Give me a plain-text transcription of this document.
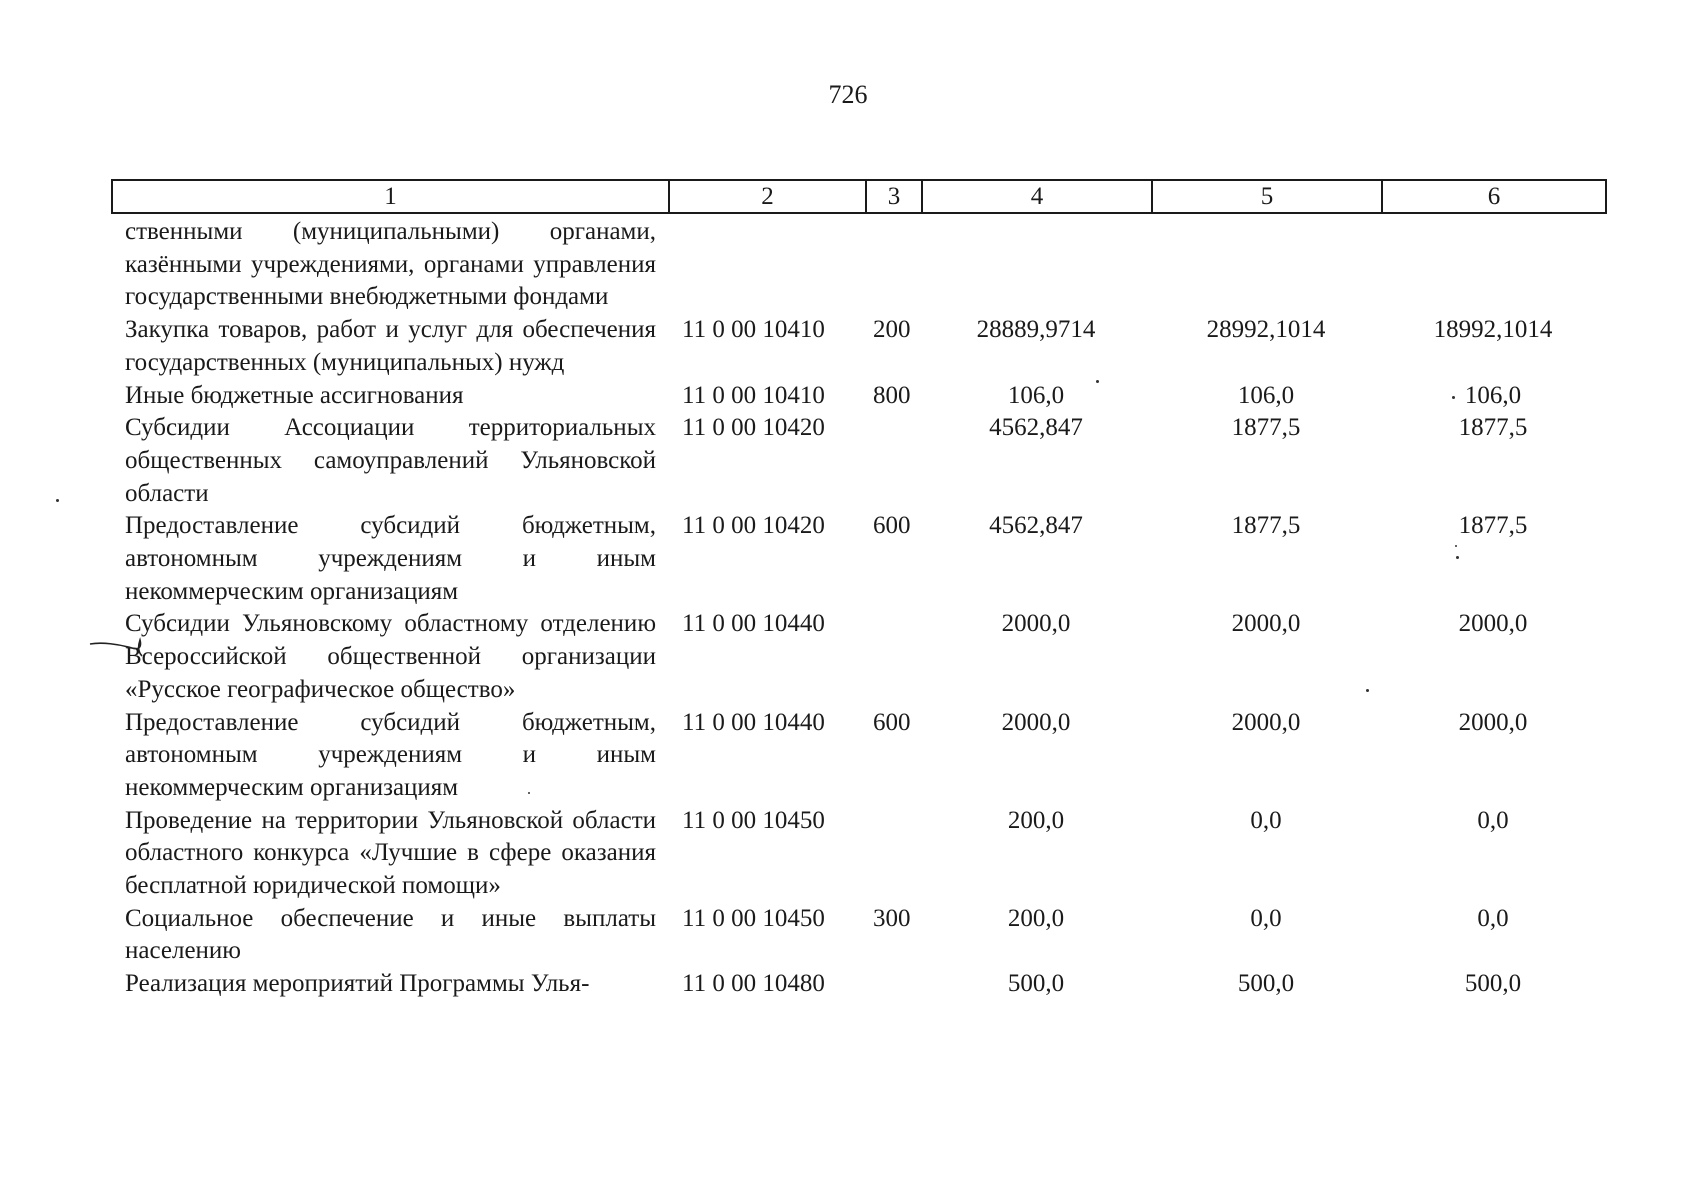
726
1	2	3	4	5	6
ственными (муниципальными) органами, казёнными учреждениями, органами управления государственными внебюджетными фондами					
Закупка товаров, работ и услуг для обеспечения государственных (муниципальных) нужд	11 0 00 10410	200	28889,9714	28992,1014	18992,1014
Иные бюджетные ассигнования	11 0 00 10410	800	106,0	106,0	106,0
Субсидии Ассоциации территориальных общественных самоуправлений Ульяновской области	11 0 00 10420		4562,847	1877,5	1877,5
Предоставление субсидий бюджетным, автономным учреждениям и иным некоммерческим организациям	11 0 00 10420	600	4562,847	1877,5	1877,5
Субсидии Ульяновскому областному отделению Всероссийской общественной организации «Русское географическое общество»	11 0 00 10440		2000,0	2000,0	2000,0
Предоставление субсидий бюджетным, автономным учреждениям и иным некоммерческим организациям	11 0 00 10440	600	2000,0	2000,0	2000,0
Проведение на территории Ульяновской области областного конкурса «Лучшие в сфере оказания бесплатной юридической помощи»	11 0 00 10450		200,0	0,0	0,0
Социальное обеспечение и иные выплаты населению	11 0 00 10450	300	200,0	0,0	0,0
Реализация мероприятий Программы Улья-	11 0 00 10480		500,0	500,0	500,0
